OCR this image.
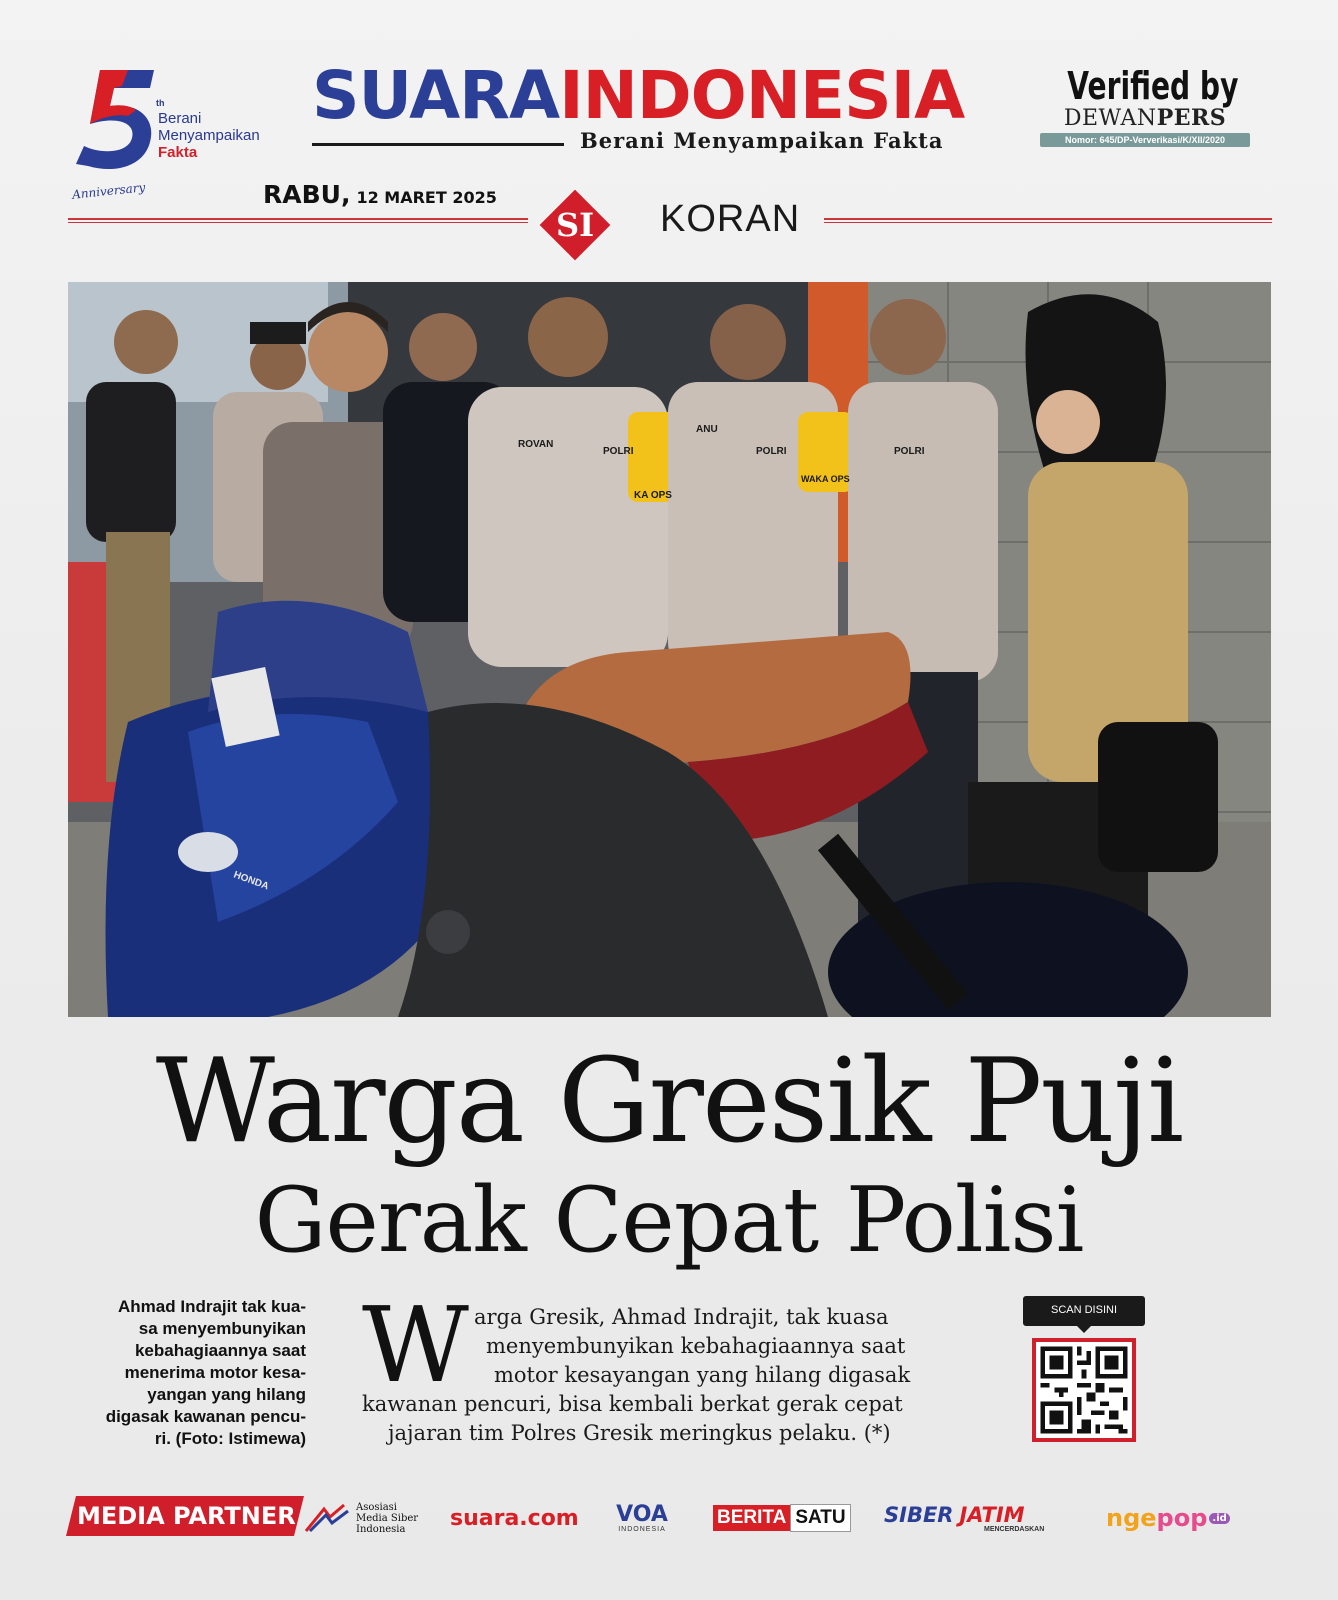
th
Berani
Menyampaikan
Fakta
Anniversary
SUARAINDONESIA
Berani Menyampaikan Fakta
Verified by
DEWANPERS
Nomor: 645/DP-Ververikasi/K/XII/2020
RABU, 12 MARET 2025
SI	KORAN
ROVAN
POLRI
ANU
POLRI	POLRI
KA OPS
WAKA OPS
HONDA
Warga Gresik Puji
Gerak Cepat Polisi
Ahmad Indrajit tak kua-
sa menyembunyikan
kebahagiaannya saat
menerima motor kesa-
yangan yang hilang
digasak kawanan pencu-
ri. (Foto: Istimewa)
W arga Gresik, Ahmad Indrajit, tak kuasa
menyembunyikan kebahagiaannya saat
motor kesayangan yang hilang digasak
kawanan pencuri, bisa kembali berkat gerak cepat
jajaran tim Polres Gresik meringkus pelaku. (*)
SCAN DISINI
MEDIA PARTNER	Asosiasi
Media Siber
Indonesia	suara.com VOA
INDONESIA
BERITA SATU SIBER JATIM
MENCERDASKAN	nge pop .id
